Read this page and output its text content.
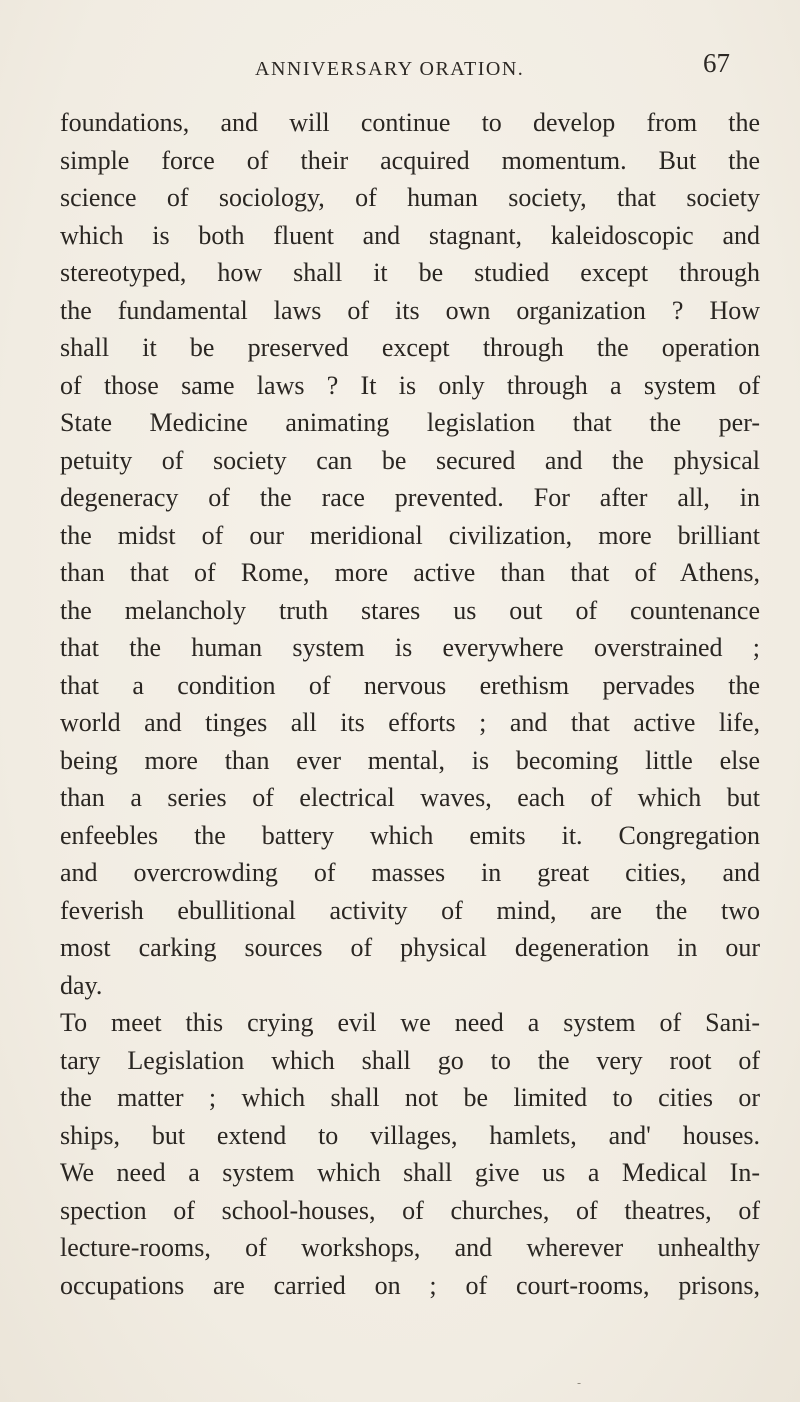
ANNIVERSARY ORATION.	67
foundations, and will continue to develop from the
simple force of their acquired momentum. But the
science of sociology, of human society, that society
which is both fluent and stagnant, kaleidoscopic and
stereotyped, how shall it be studied except through
the fundamental laws of its own organization ? How
shall it be preserved except through the operation
of those same laws ? It is only through a system of
State Medicine animating legislation that the per-
petuity of society can be secured and the physical
degeneracy of the race prevented. For after all, in
the midst of our meridional civilization, more brilliant
than that of Rome, more active than that of Athens,
the melancholy truth stares us out of countenance
that the human system is everywhere overstrained ;
that a condition of nervous erethism pervades the
world and tinges all its efforts ; and that active life,
being more than ever mental, is becoming little else
than a series of electrical waves, each of which but
enfeebles the battery which emits it. Congregation
and overcrowding of masses in great cities, and
feverish ebullitional activity of mind, are the two
most carking sources of physical degeneration in our
day.
To meet this crying evil we need a system of Sani-
tary Legislation which shall go to the very root of
the matter ; which shall not be limited to cities or
ships, but extend to villages, hamlets, and' houses.
We need a system which shall give us a Medical In-
spection of school-houses, of churches, of theatres, of
lecture-rooms, of workshops, and wherever unhealthy
occupations are carried on ; of court-rooms, prisons,
-
